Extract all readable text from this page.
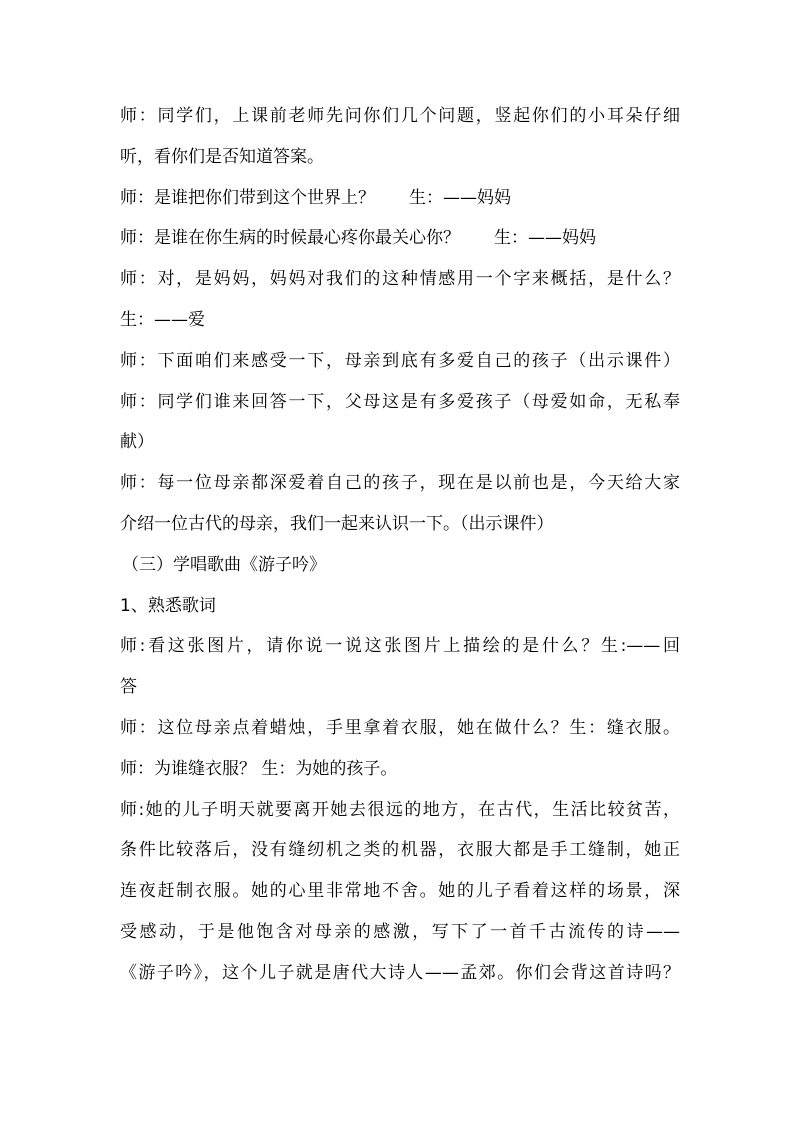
师：同学们，上课前老师先问你们几个问题，竖起你们的小耳朵仔细
听，看你们是否知道答案。
师：是谁把你们带到这个世界上？　　生：——妈妈
师：是谁在你生病的时候最心疼你最关心你？　　生：——妈妈
师：对，是妈妈，妈妈对我们的这种情感用一个字来概括，是什么？
生：——爱
师：下面咱们来感受一下，母亲到底有多爱自己的孩子（出示课件）
师：同学们谁来回答一下，父母这是有多爱孩子（母爱如命，无私奉
献）
师：每一位母亲都深爱着自己的孩子，现在是以前也是，今天给大家
介绍一位古代的母亲，我们一起来认识一下。（出示课件）
（三）学唱歌曲《游子吟》
1、熟悉歌词
师:看这张图片，请你说一说这张图片上描绘的是什么？生:——回
答
师：这位母亲点着蜡烛，手里拿着衣服，她在做什么？生：缝衣服。
师：为谁缝衣服？ 生：为她的孩子。
师:她的儿子明天就要离开她去很远的地方，在古代，生活比较贫苦，
条件比较落后，没有缝纫机之类的机器，衣服大都是手工缝制，她正
连夜赶制衣服。她的心里非常地不舍。她的儿子看着这样的场景，深
受感动，于是他饱含对母亲的感激，写下了一首千古流传的诗——
《游子吟》，这个儿子就是唐代大诗人——孟郊。你们会背这首诗吗？
